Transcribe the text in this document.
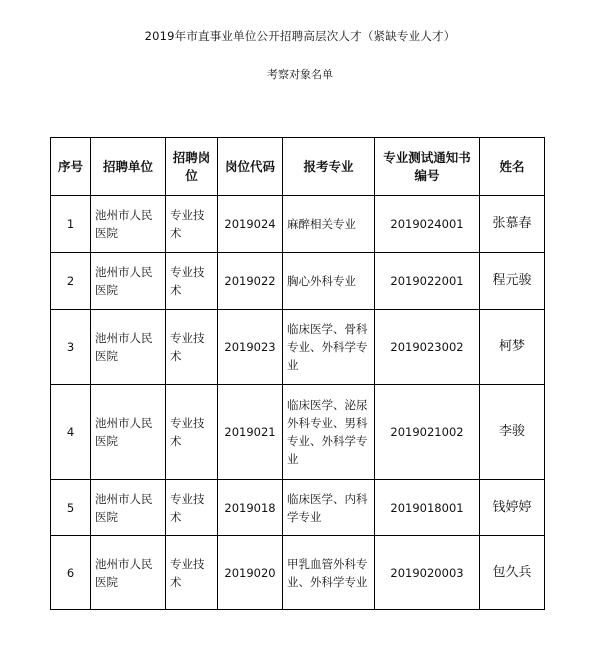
2019年市直事业单位公开招聘高层次人才（紧缺专业人才）
考察对象名单
序号	招聘单位	招聘岗位	岗位代码	报考专业	专业测试通知书编号	姓名
1	池州市人民医院	专业技术	2019024	麻醉相关专业	2019024001	张慕春
2	池州市人民医院	专业技术	2019022	胸心外科专业	2019022001	程元骏
3	池州市人民医院	专业技术	2019023	临床医学、骨科专业、外科学专业	2019023002	柯梦
4	池州市人民医院	专业技术	2019021	临床医学、泌尿外科专业、男科专业、外科学专业	2019021002	李骏
5	池州市人民医院	专业技术	2019018	临床医学、内科学专业	2019018001	钱婷婷
6	池州市人民医院	专业技术	2019020	甲乳血管外科专业、外科学专业	2019020003	包久兵
